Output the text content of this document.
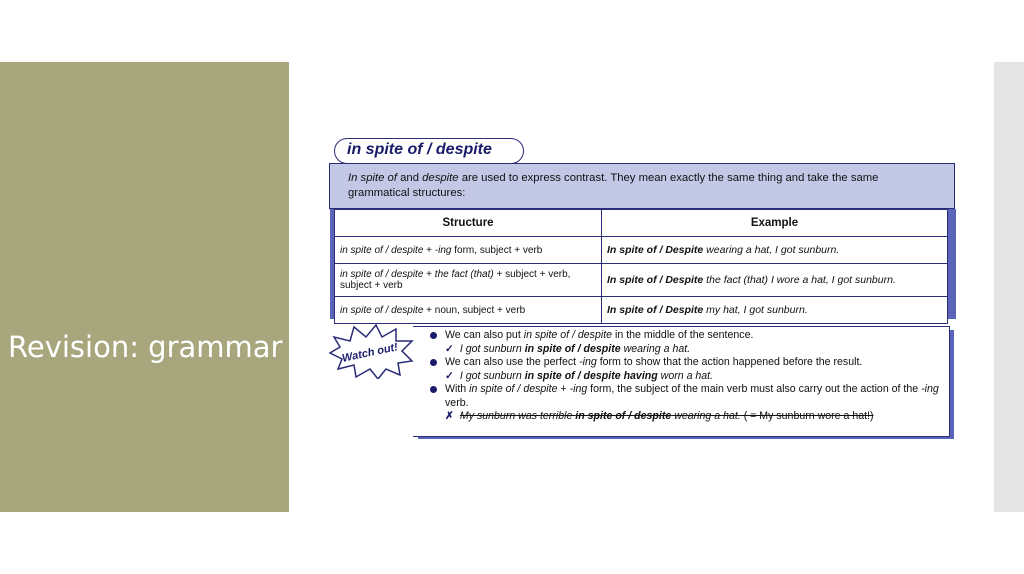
Revision: grammar
in spite of / despite

In spite of and despite are used to express contrast. They mean exactly the same thing and take the same grammatical structures:

Structure	Example
in spite of / despite + -ing form, subject + verb	In spite of / Despite wearing a hat, I got sunburn.
in spite of / despite + the fact (that) + subject + verb, subject + verb	In spite of / Despite the fact (that) I wore a hat, I got sunburn.
in spite of / despite + noun, subject + verb	In spite of / Despite my hat, I got sunburn.
Watch out!
We can also put in spite of / despite in the middle of the sentence.
✓ I got sunburn in spite of / despite wearing a hat.
We can also use the perfect -ing form to show that the action happened before the result.
✓ I got sunburn in spite of / despite having worn a hat.
With in spite of / despite + -ing form, the subject of the main verb must also carry out the action of the -ing verb.
✗ My sunburn was terrible in spite of / despite wearing a hat. ( = My sunburn wore a hat!)
